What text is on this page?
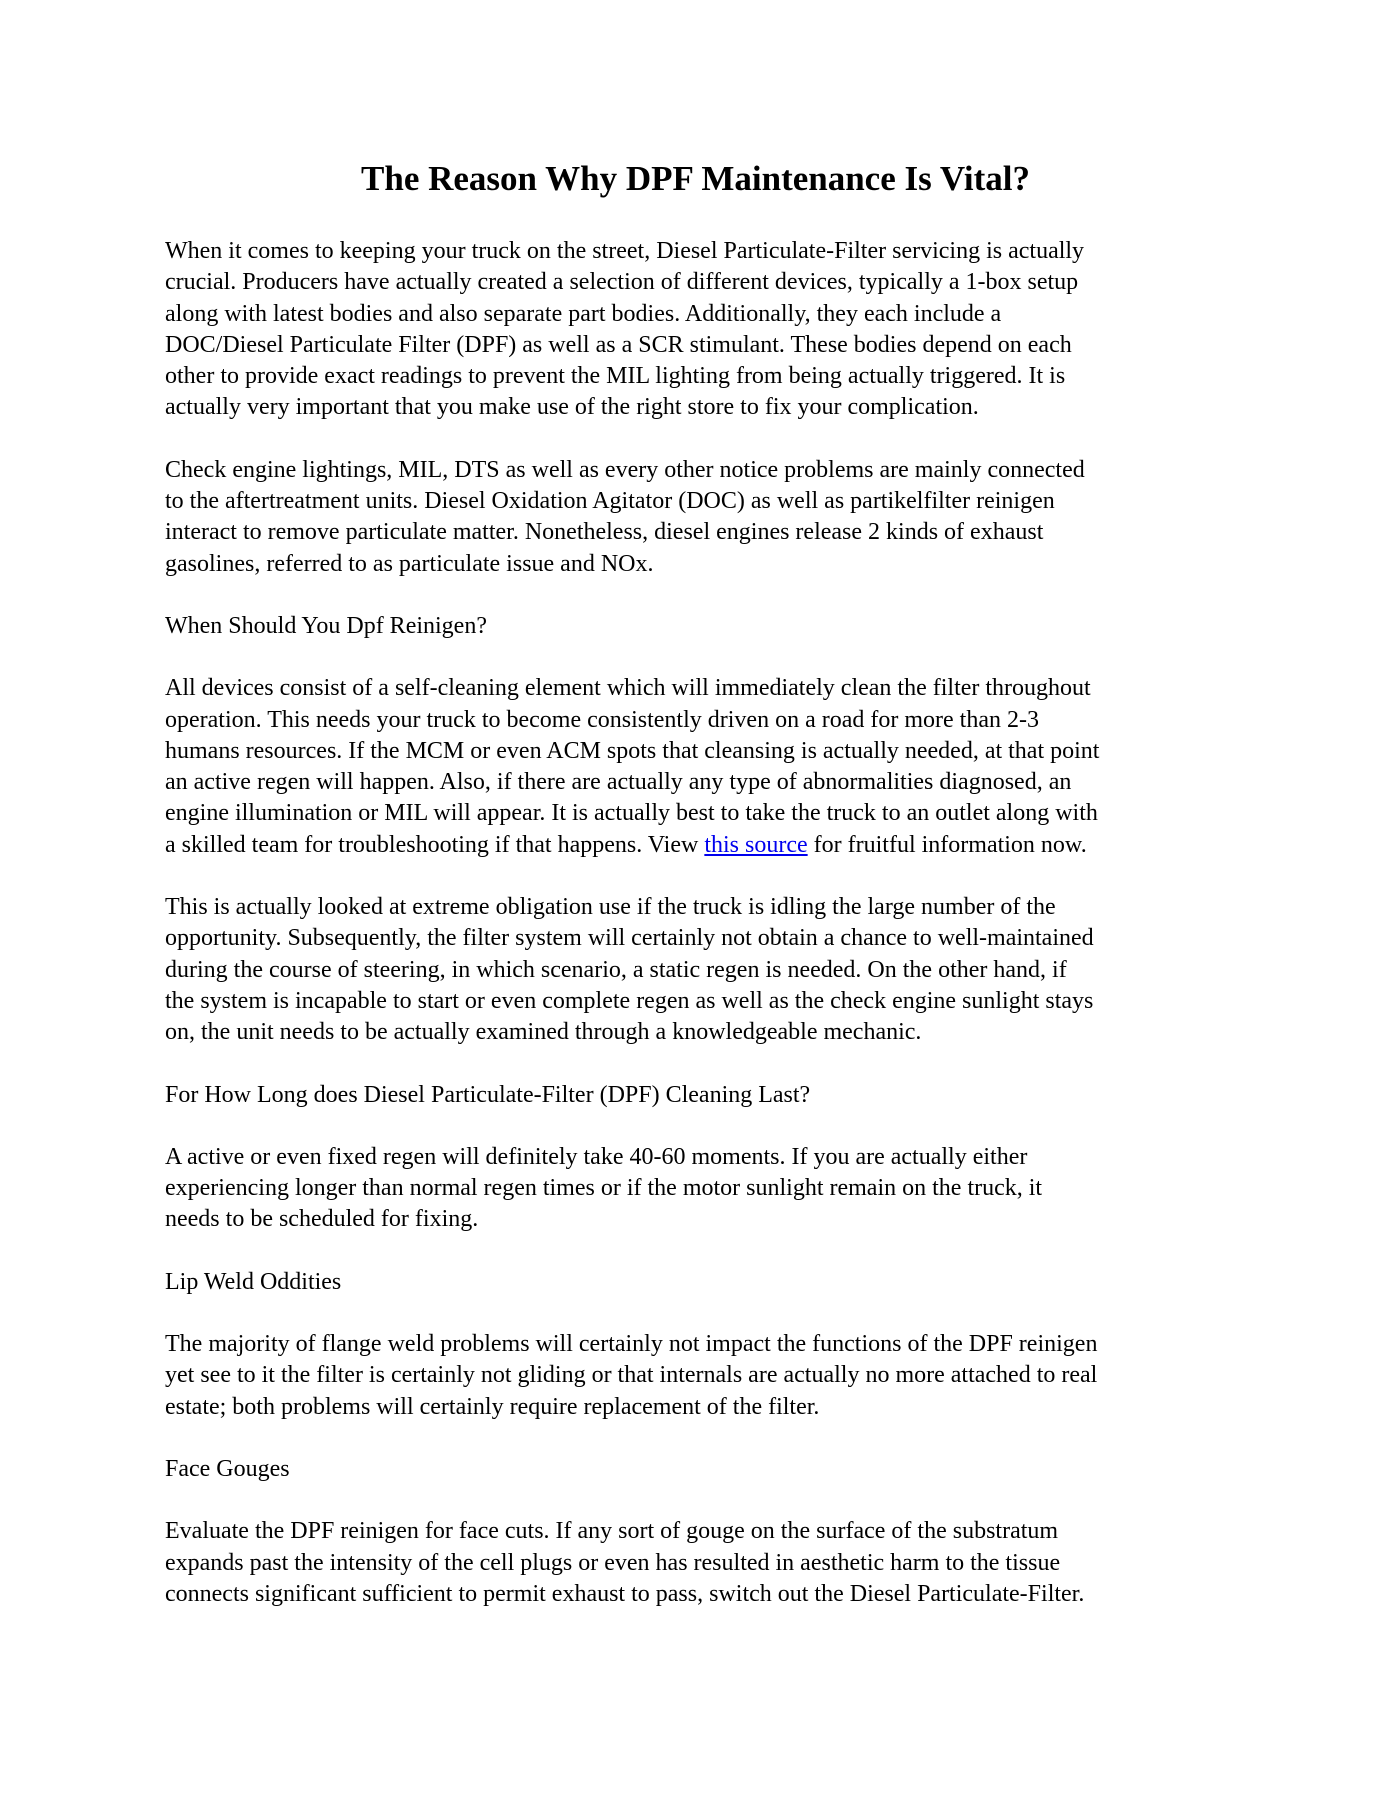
The Reason Why DPF Maintenance Is Vital?

When it comes to keeping your truck on the street, Diesel Particulate-Filter servicing is actually
crucial. Producers have actually created a selection of different devices, typically a 1-box setup
along with latest bodies and also separate part bodies. Additionally, they each include a
DOC/Diesel Particulate Filter (DPF) as well as a SCR stimulant. These bodies depend on each
other to provide exact readings to prevent the MIL lighting from being actually triggered. It is
actually very important that you make use of the right store to fix your complication.

Check engine lightings, MIL, DTS as well as every other notice problems are mainly connected
to the aftertreatment units. Diesel Oxidation Agitator (DOC) as well as partikelfilter reinigen
interact to remove particulate matter. Nonetheless, diesel engines release 2 kinds of exhaust
gasolines, referred to as particulate issue and NOx.

When Should You Dpf Reinigen?

All devices consist of a self-cleaning element which will immediately clean the filter throughout
operation. This needs your truck to become consistently driven on a road for more than 2-3
humans resources. If the MCM or even ACM spots that cleansing is actually needed, at that point
an active regen will happen. Also, if there are actually any type of abnormalities diagnosed, an
engine illumination or MIL will appear. It is actually best to take the truck to an outlet along with
a skilled team for troubleshooting if that happens. View this source for fruitful information now.

This is actually looked at extreme obligation use if the truck is idling the large number of the
opportunity. Subsequently, the filter system will certainly not obtain a chance to well-maintained
during the course of steering, in which scenario, a static regen is needed. On the other hand, if
the system is incapable to start or even complete regen as well as the check engine sunlight stays
on, the unit needs to be actually examined through a knowledgeable mechanic.

For How Long does Diesel Particulate-Filter (DPF) Cleaning Last?

A active or even fixed regen will definitely take 40-60 moments. If you are actually either
experiencing longer than normal regen times or if the motor sunlight remain on the truck, it
needs to be scheduled for fixing.

Lip Weld Oddities

The majority of flange weld problems will certainly not impact the functions of the DPF reinigen
yet see to it the filter is certainly not gliding or that internals are actually no more attached to real
estate; both problems will certainly require replacement of the filter.

Face Gouges

Evaluate the DPF reinigen for face cuts. If any sort of gouge on the surface of the substratum
expands past the intensity of the cell plugs or even has resulted in aesthetic harm to the tissue
connects significant sufficient to permit exhaust to pass, switch out the Diesel Particulate-Filter.
